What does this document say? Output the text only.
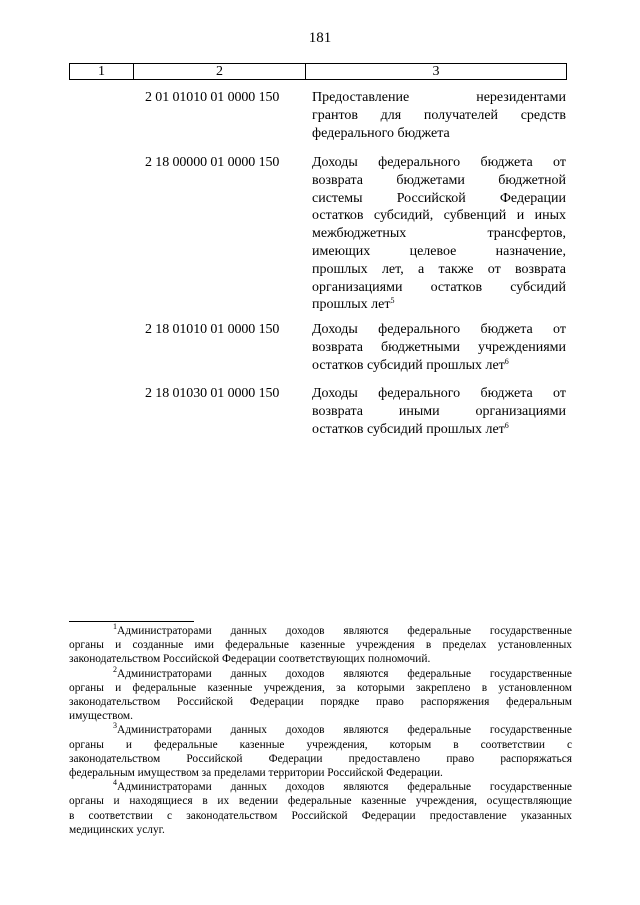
181
1	2	3
2 01 01010 01 0000 150 Предоставление нерезидентами
грантов для получателей средств
федерального бюджета
2 18 00000 01 0000 150 Доходы федерального бюджета от
возврата бюджетами бюджетной
системы Российской Федерации
остатков субсидий, субвенций и иных
межбюджетных трансфертов,
имеющих целевое назначение,
прошлых лет, а также от возврата
организациями остатков субсидий
прошлых лет$^5$
2 18 01010 01 0000 150 Доходы федерального бюджета от
возврата бюджетными учреждениями
остатков субсидий прошлых лет$^6$
2 18 01030 01 0000 150 Доходы федерального бюджета от
возврата иными организациями
остатков субсидий прошлых лет$^6$
$^1$Администраторами данных доходов являются федеральные государственные
органы и созданные ими федеральные казенные учреждения в пределах установленных
законодательством Российской Федерации соответствующих полномочий.
$^2$Администраторами данных доходов являются федеральные государственные
органы и федеральные казенные учреждения, за которыми закреплено в установленном
законодательством Российской Федерации порядке право распоряжения федеральным
имуществом.
$^3$Администраторами данных доходов являются федеральные государственные
органы и федеральные казенные учреждения, которым в соответствии с
законодательством Российской Федерации предоставлено право распоряжаться
федеральным имуществом за пределами территории Российской Федерации.
$^4$Администраторами данных доходов являются федеральные государственные
органы и находящиеся в их ведении федеральные казенные учреждения, осуществляющие
в соответствии с законодательством Российской Федерации предоставление указанных
медицинских услуг.
